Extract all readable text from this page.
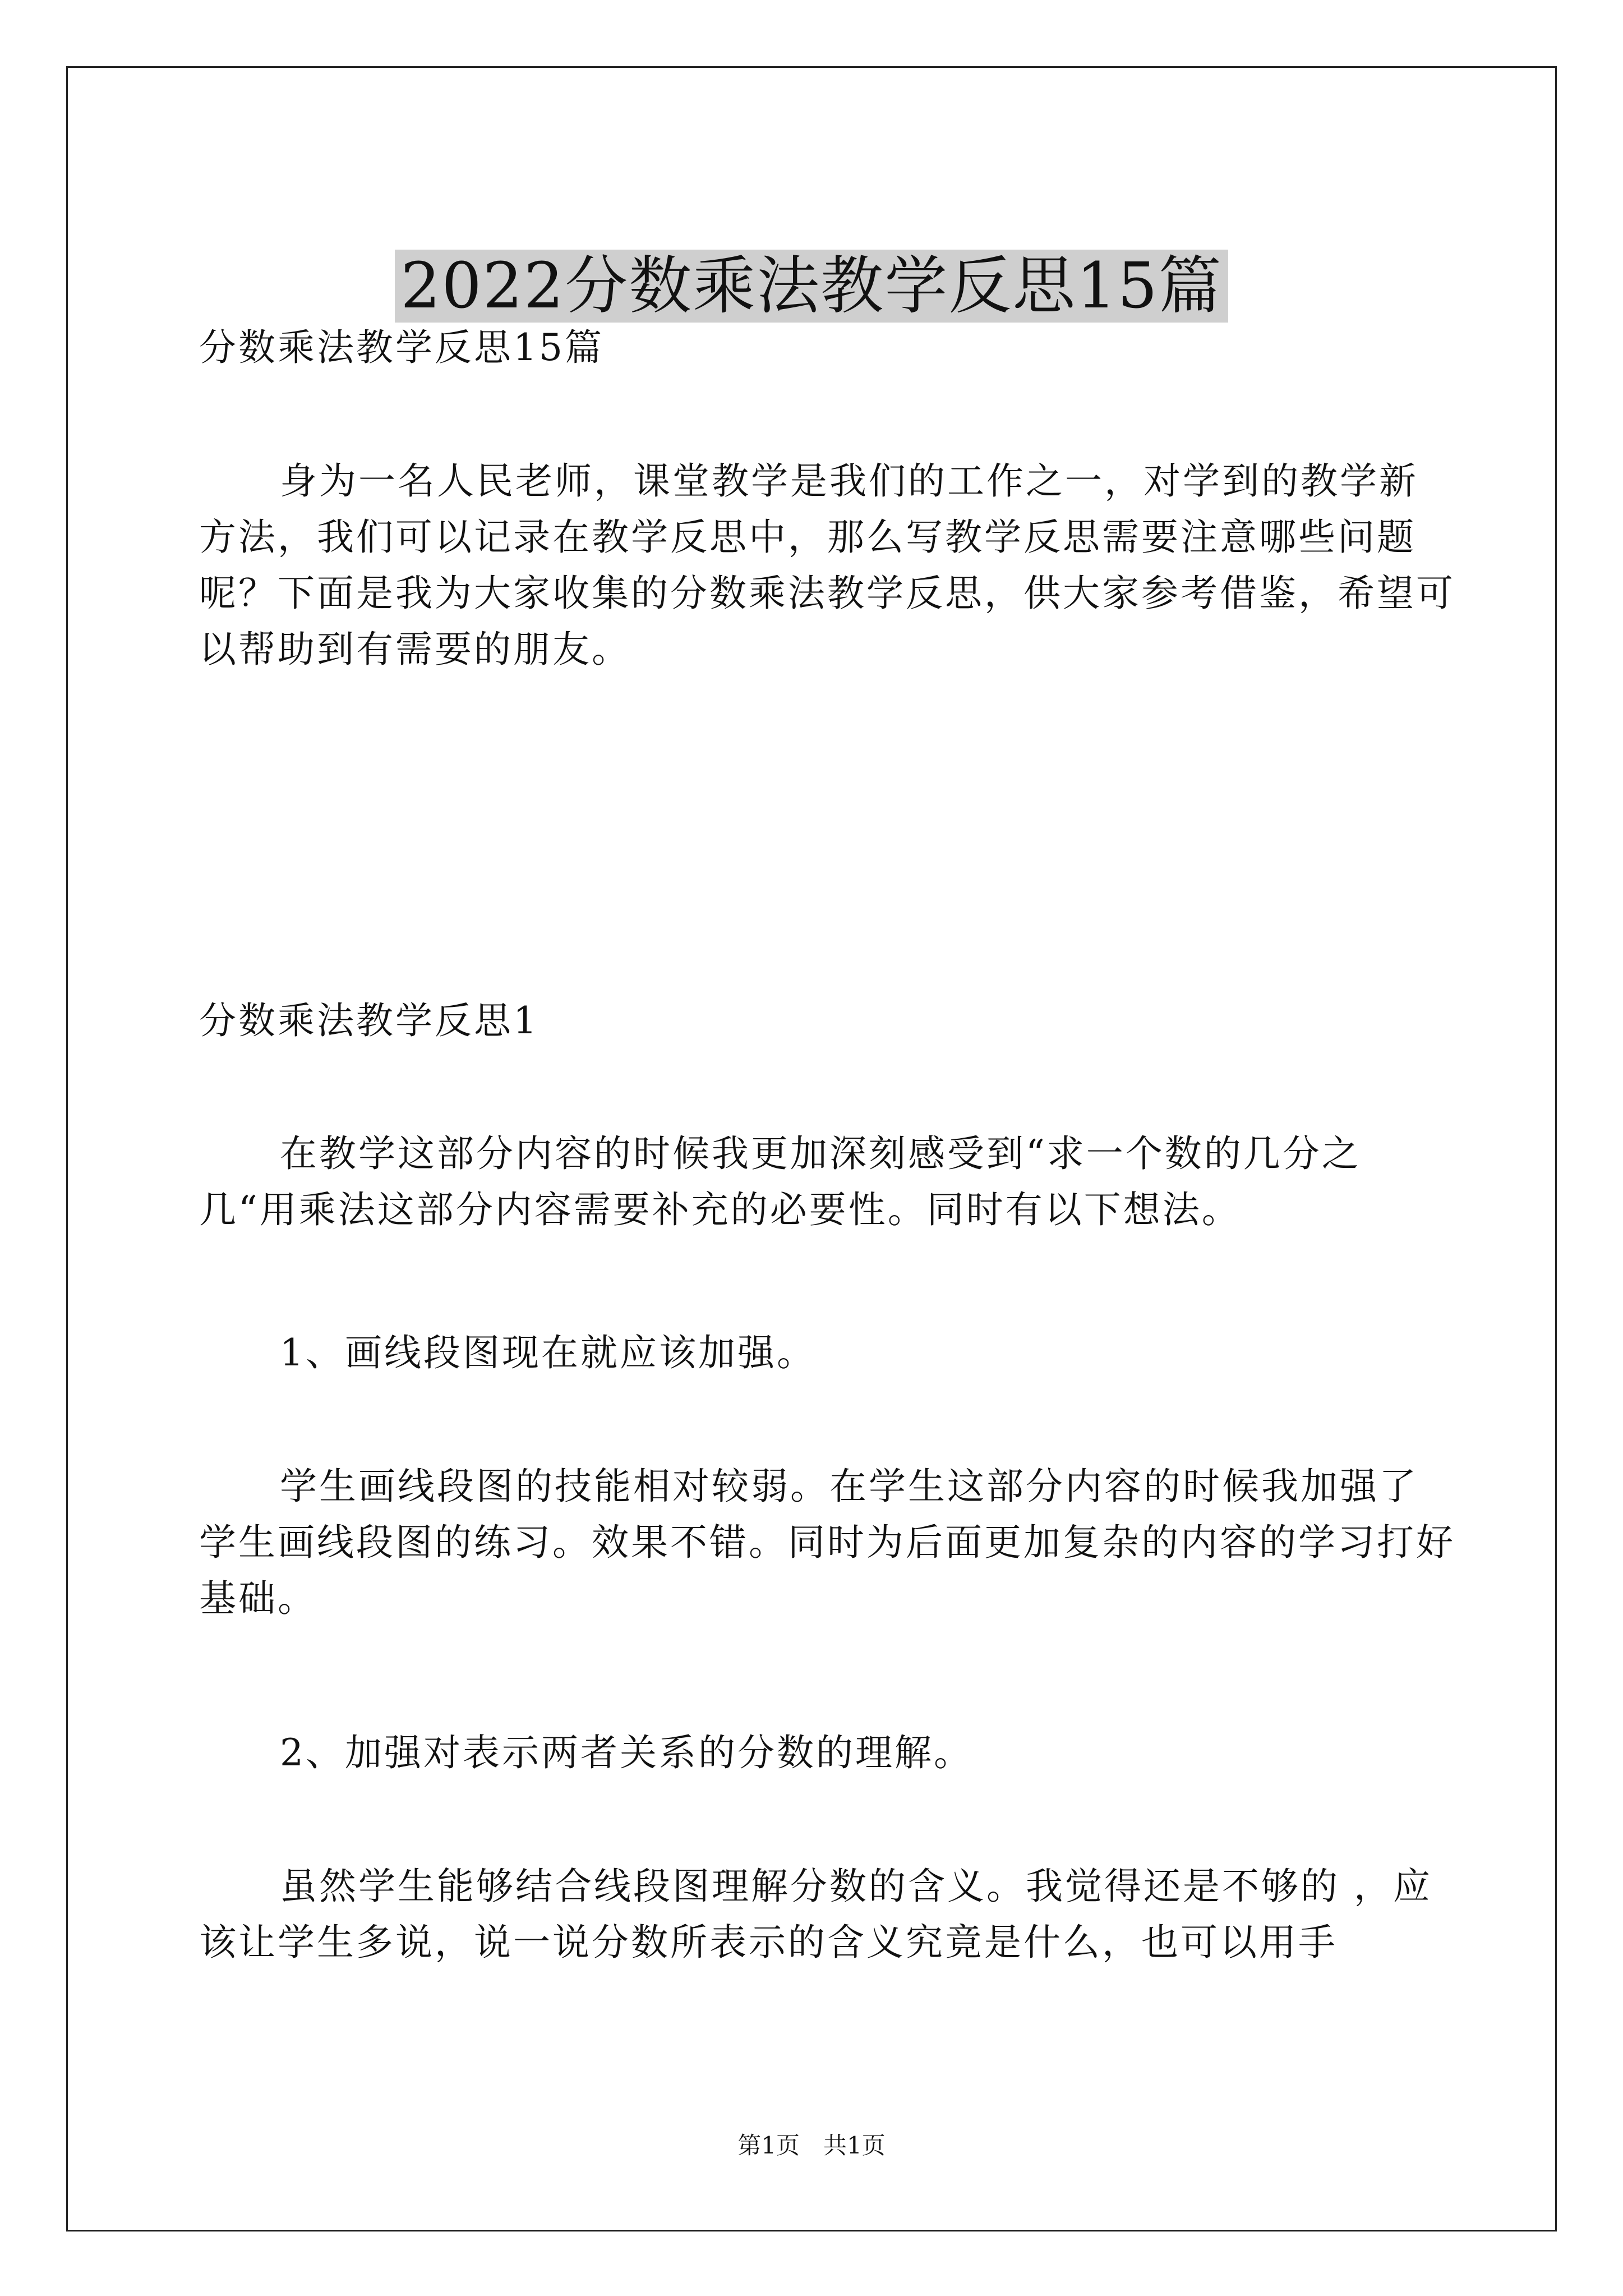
2022分数乘法教学反思15篇
分数乘法教学反思15篇

身为一名人民老师，课堂教学是我们的工作之一，对学到的教学新方法，我们可以记录在教学反思中，那么写教学反思需要注意哪些问题呢？下面是我为大家收集的分数乘法教学反思，供大家参考借鉴，希望可以帮助到有需要的朋友。

分数乘法教学反思1

在教学这部分内容的时候我更加深刻感受到“求一个数的几分之几“用乘法这部分内容需要补充的必要性。同时有以下想法。

1、画线段图现在就应该加强。

学生画线段图的技能相对较弱。在学生这部分内容的时候我加强了学生画线段图的练习。效果不错。同时为后面更加复杂的内容的学习打好基础。

2、加强对表示两者关系的分数的理解。

虽然学生能够结合线段图理解分数的含义。我觉得还是不够的 ，应该让学生多说，说一说分数所表示的含义究竟是什么，也可以用手

第1页　共1页
